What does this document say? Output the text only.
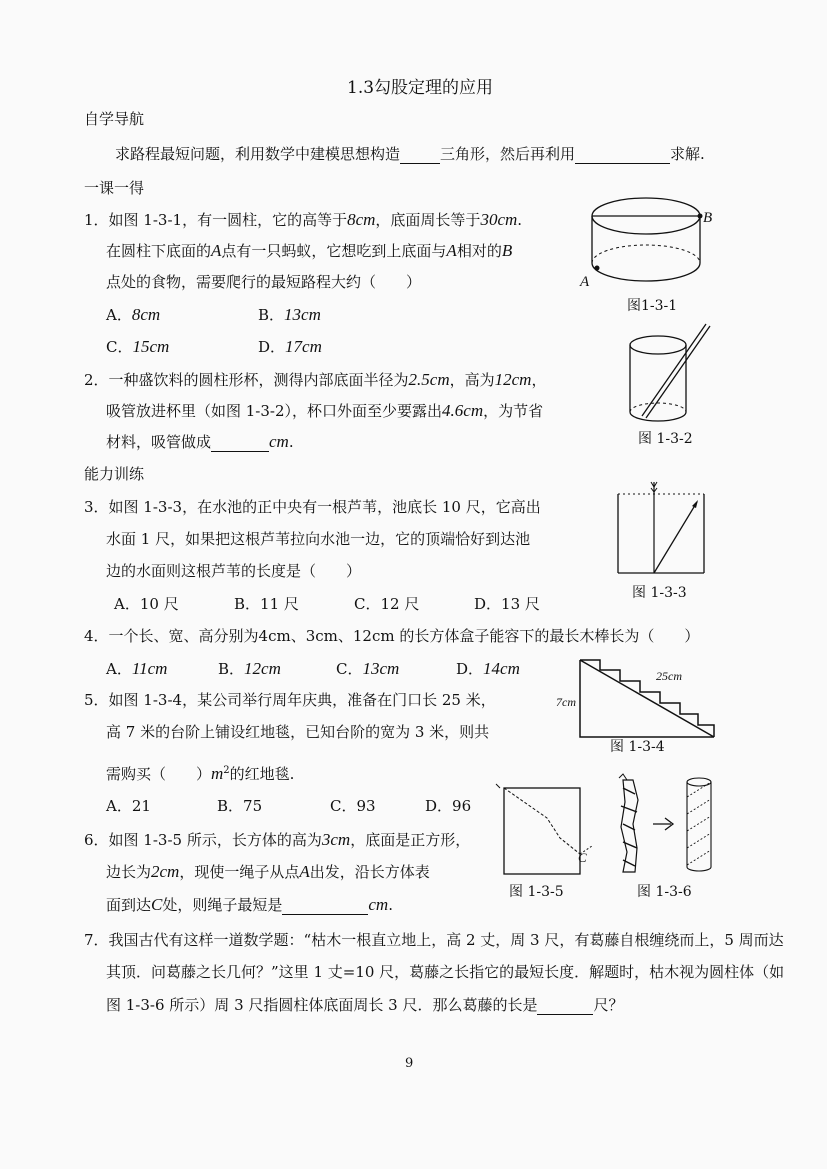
1.3勾股定理的应用
自学导航
求路程最短问题，利用数学中建模思想构造	三角形，然后再利用	求解.
一课一得
1．如图 1-3-1，有一圆柱，它的高等于8cm，底面周长等于30cm.
在圆柱下底面的A点有一只蚂蚁，它想吃到上底面与A相对的B
点处的食物，需要爬行的最短路程大约（　　）
A．8cm	B．13cm
C．15cm	D．17cm
B
A
图1-3-1
图 1-3-2
2．一种盛饮料的圆柱形杯，测得内部底面半径为2.5cm，高为12cm，
吸管放进杯里（如图 1-3-2），杯口外面至少要露出4.6cm，为节省
材料，吸管做成	cm.
能力训练
3．如图 1-3-3，在水池的正中央有一根芦苇，池底长 10 尺，它高出
水面 1 尺，如果把这根芦苇拉向水池一边，它的顶端恰好到达池
边的水面则这根芦苇的长度是（　　）
A．10 尺	B．11 尺	C．12 尺	D．13 尺
图 1-3-3
4．一个长、宽、高分别为4cm、3cm、12cm 的长方体盒子能容下的最长木棒长为（　　）
A．11cm	B．12cm	C．13cm	D．14cm
7cm
25cm
图 1-3-4
5．如图 1-3-4，某公司举行周年庆典，准备在门口长 25 米，
高 7 米的台阶上铺设红地毯，已知台阶的宽为 3 米，则共
需购买（　　）$m^2$的红地毯.
A．21	B．75	C．93	D．96
C
图 1-3-5	图 1-3-6
6．如图 1-3-5 所示，长方体的高为3cm，底面是正方形，
边长为2cm，现使一绳子从点A出发，沿长方体表
面到达C处，则绳子最短是	cm.
7．我国古代有这样一道数学题：“枯木一根直立地上，高 2 丈，周 3 尺，有葛藤自根缠绕而上，5 周而达
其顶．问葛藤之长几何？”这里 1 丈=10 尺，葛藤之长指它的最短长度．解题时，枯木视为圆柱体（如
图 1-3-6 所示）周 3 尺指圆柱体底面周长 3 尺．那么葛藤的长是	尺？
9
